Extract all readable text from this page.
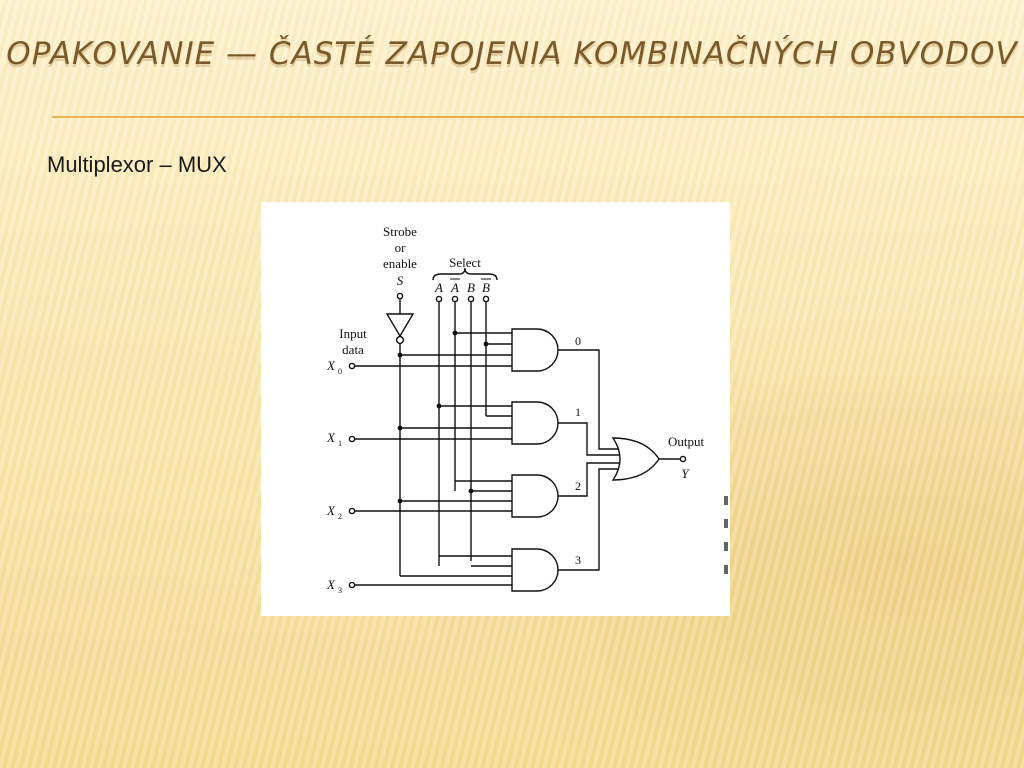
OPAKOVANIE — ČASTÉ ZAPOJENIA KOMBINAČNÝCH OBVODOV
Multiplexor – MUX
Strobe
or
enable
S
Select
A A B B
Input
data
X 0
X 1
X 2
X 3
0
1
2
3
Output
Y
